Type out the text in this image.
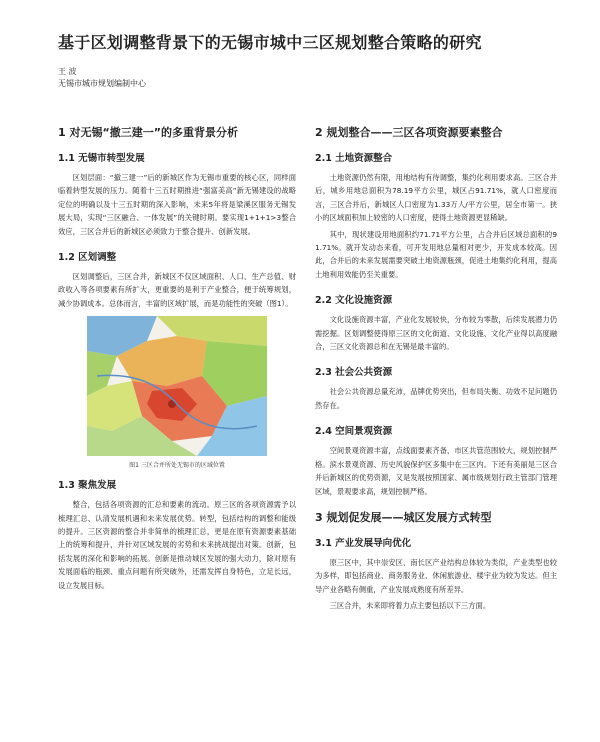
基于区划调整背景下的无锡市城中三区规划整合策略的研究
王 波
无锡市城市规划编制中心
1 对无锡“撤三建一”的多重背景分析
1.1 无锡市转型发展
区划层面：“撤三建一”后的新城区作为无锡市重要的核心区，同样面临着转型发展的压力。随着十三五时期推进“强富美高”新无锡建设的战略定位的明确以及十三五时期的深入影响，未来5年将是梁溪区服务无锡发展大局，实现“三区融合、一体发展”的关键时期。要实现1+1+1>3整合效应，三区合并后的新城区必须致力于整合提升、创新发展。
1.2 区划调整
区划调整后，三区合并，新城区不仅区域面积、人口、生产总值、财政收入等各项要素有所扩大，更重要的是利于产业整合，便于统筹规划，减少协调成本。总体而言，丰富的区域扩展，而是功能性的突破（图1）。
图1 三区合并所处无锡市的区域位置
1.3 聚焦发展
整合，包括各项资源的汇总和要素的流动。原三区的各项资源需予以梳理汇总、认清发展机遇和未来发展优势。转型，包括结构的调整和能级的提升。三区资源的整合并非简单的梳理汇总，更是在原有资源要素基础上的统筹和提升，并针对区域发展的劣势和未来挑战提出对策。创新，包括发展的深化和影响的拓展。创新是推动城区发展的强大动力，除对原有发展面临的瓶颈、重点问题有所突破外，还需发挥自身特色，立足长远，设立发展目标。
2 规划整合——三区各项资源要素整合
2.1 土地资源整合
土地资源仍然有限，用地结构有待调整，集约化利用要求高。三区合并后，城乡用地总面积为78.19平方公里，城区占91.71%，就人口密度而言，三区合并后，新城区人口密度为1.33万人/平方公里，居全市第一。狭小的区域面积加上较密的人口密度，使得土地资源更显稀缺。
其中，现状建设用地面积约71.71平方公里，占合并后区域总面积的91.71%。就开发动态来看，可开发用地总量相对更少，开发成本较高。因此，合并后的未来发展需要突破土地资源瓶颈，促进土地集约化利用，提高土地利用效能仍至关重要。
2.2 文化设施资源
文化设施资源丰富，产业化发展较快，分布较为零散，后续发展潜力仍需挖掘。区划调整使得原三区的文化街道、文化设施、文化产业得以高度融合，三区文化资源总和在无锡是最丰富的。
2.3 社会公共资源
社会公共资源总量充沛，品牌优势突出，但布局失衡、功效不足问题仍然存在。
2.4 空间景观资源
空间景观资源丰富，点线面要素齐备，市区共管范围较大，规划控制严格。滨水景观资源、历史风貌保护区多集中在三区内。下还有美丽是三区合并后新城区的优势资源，又是发展按照国家、属市级规划行政主管部门管理区域，景观要求高，规划控制严格。
3 规划促发展——城区发展方式转型
3.1 产业发展导向优化
原三区中，其中崇安区、南长区产业结构总体较为类似，产业类型也较为多样，即包括商业、商务服务业、休闲旅游业、楼宇业为较为发达。但主导产业各略有侧重，产业发展成熟度有所差异。
三区合并，未来即将着力点主要包括以下三方面。
